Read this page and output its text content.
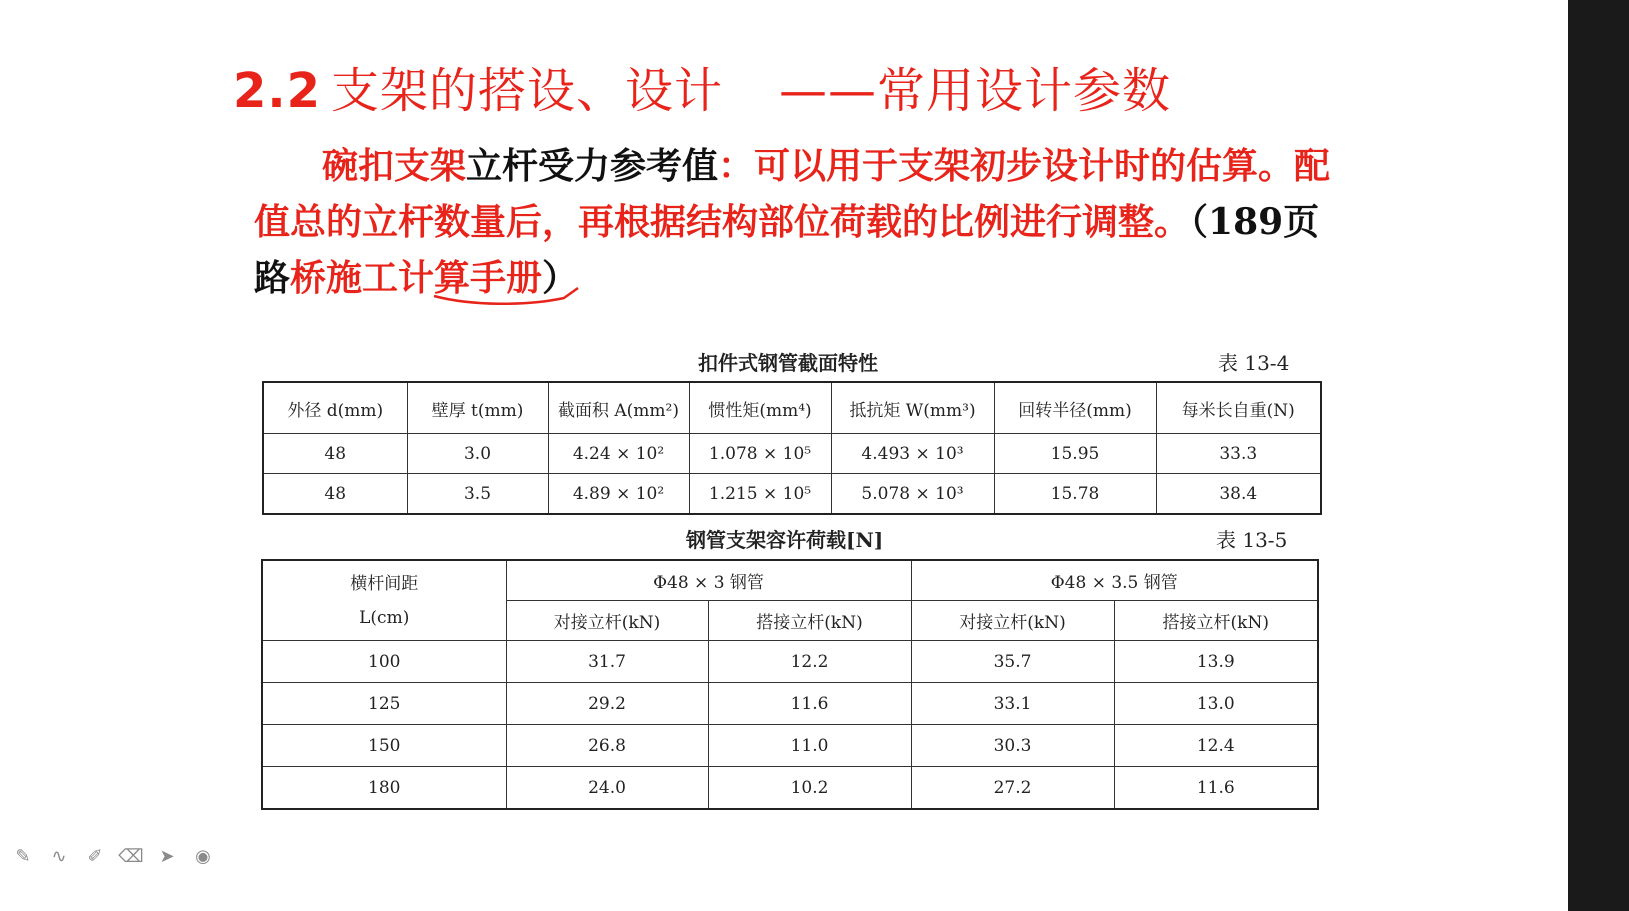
2.2 支架的搭设、设计 ——常用设计参数
碗扣支架立杆受力参考值：可以用于支架初步设计时的估算。配值总的立杆数量后，再根据结构部位荷载的比例进行调整。（189页路桥施工计算手册）
扣件式钢管截面特性	表 13-4
外径 d(mm)	壁厚 t(mm)	截面积 A(mm²)	惯性矩(mm⁴)	抵抗矩 W(mm³)	回转半径(mm)	每米长自重(N)
48	3.0	4.24 × 10²	1.078 × 10⁵	4.493 × 10³	15.95	33.3
48	3.5	4.89 × 10²	1.215 × 10⁵	5.078 × 10³	15.78	38.4
钢管支架容许荷载[N]	表 13-5
横杆间距
L(cm)	Φ48 × 3 钢管		Φ48 × 3.5 钢管	
	对接立杆(kN)	搭接立杆(kN)	对接立杆(kN)	搭接立杆(kN)
100	31.7	12.2	35.7	13.9
125	29.2	11.6	33.1	13.0
150	26.8	11.0	30.3	12.4
180	24.0	10.2	27.2	11.6
✎ ∿ ✐ ⌫ ➤ ◉
